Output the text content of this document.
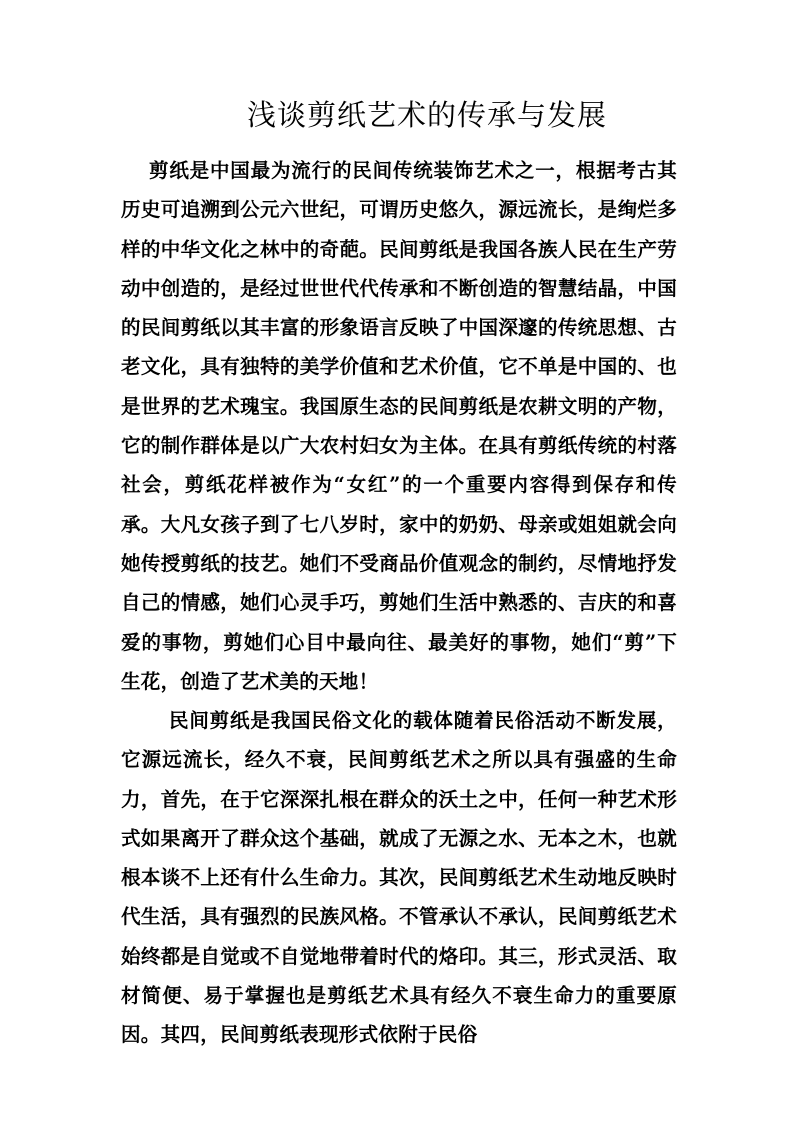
浅谈剪纸艺术的传承与发展

剪纸是中国最为流行的民间传统装饰艺术之一，根据考古其历史可追溯到公元六世纪，可谓历史悠久，源远流长，是绚烂多样的中华文化之林中的奇葩。民间剪纸是我国各族人民在生产劳动中创造的，是经过世世代代传承和不断创造的智慧结晶，中国的民间剪纸以其丰富的形象语言反映了中国深邃的传统思想、古老文化，具有独特的美学价值和艺术价值，它不单是中国的、也是世界的艺术瑰宝。我国原生态的民间剪纸是农耕文明的产物，它的制作群体是以广大农村妇女为主体。在具有剪纸传统的村落社会，剪纸花样被作为“女红”的一个重要内容得到保存和传承。大凡女孩子到了七八岁时，家中的奶奶、母亲或姐姐就会向她传授剪纸的技艺。她们不受商品价值观念的制约，尽情地抒发自己的情感，她们心灵手巧，剪她们生活中熟悉的、吉庆的和喜爱的事物，剪她们心目中最向往、最美好的事物，她们“剪”下生花，创造了艺术美的天地！

民间剪纸是我国民俗文化的载体随着民俗活动不断发展，它源远流长，经久不衰，民间剪纸艺术之所以具有强盛的生命力，首先，在于它深深扎根在群众的沃土之中，任何一种艺术形式如果离开了群众这个基础，就成了无源之水、无本之木，也就根本谈不上还有什么生命力。其次，民间剪纸艺术生动地反映时代生活，具有强烈的民族风格。不管承认不承认，民间剪纸艺术始终都是自觉或不自觉地带着时代的烙印。其三，形式灵活、取材简便、易于掌握也是剪纸艺术具有经久不衰生命力的重要原因。其四，民间剪纸表现形式依附于民俗
